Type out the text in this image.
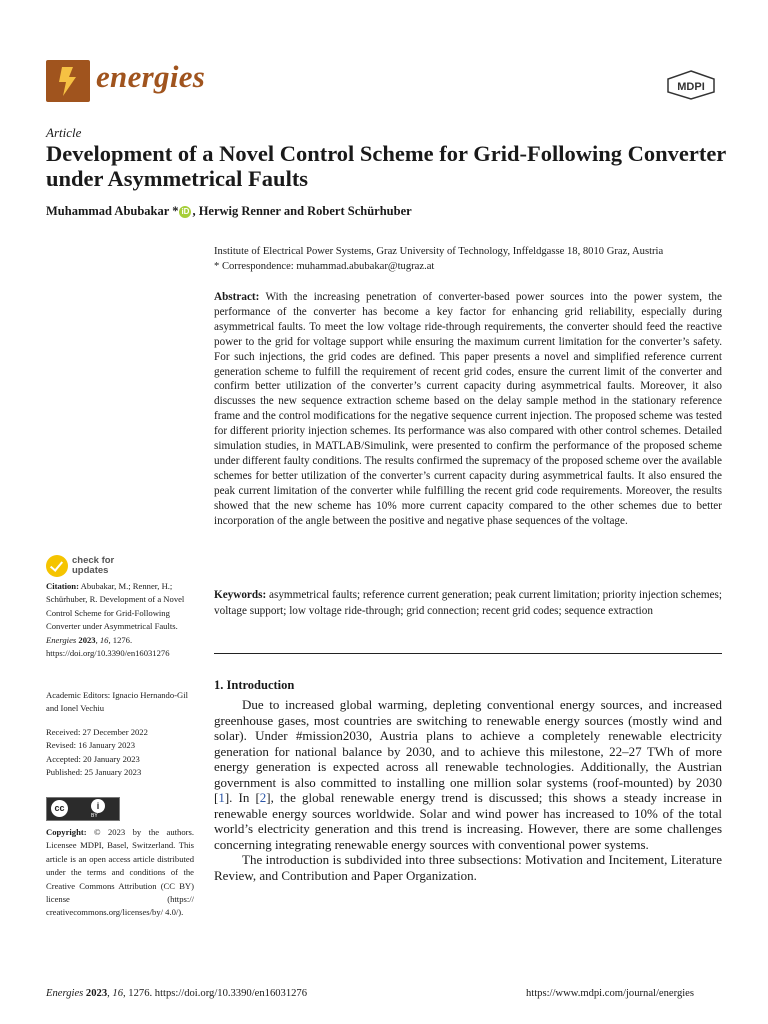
energies	MDPI
Article
Development of a Novel Control Scheme for Grid-Following Converter under Asymmetrical Faults
Muhammad Abubakar * iD , Herwig Renner and Robert Schürhuber
Institute of Electrical Power Systems, Graz University of Technology, Inffeldgasse 18, 8010 Graz, Austria
* Correspondence: muhammad.abubakar@tugraz.at
Abstract: With the increasing penetration of converter-based power sources into the power system, the performance of the converter has become a key factor for enhancing grid reliability, especially during asymmetrical faults. To meet the low voltage ride-through requirements, the converter should feed the reactive power to the grid for voltage support while ensuring the maximum current limitation for the converter’s safety. For such injections, the grid codes are defined. This paper presents a novel and simplified reference current generation scheme to fulfill the requirement of recent grid codes, ensure the current limit of the converter and confirm better utilization of the converter’s current capacity during asymmetrical faults. Moreover, it also discusses the new sequence extraction scheme based on the delay sample method in the stationary reference frame and the control modifications for the negative sequence current injection. The proposed scheme was tested for different priority injection schemes. Its performance was also compared with other control schemes. Detailed simulation studies, in MATLAB/Simulink, were presented to confirm the performance of the proposed scheme under different faulty conditions. The results confirmed the supremacy of the proposed scheme over the available schemes for better utilization of the converter’s current capacity during asymmetrical faults. It also ensured the peak current limitation of the converter while fulfilling the recent grid code requirements. Moreover, the results showed that the new scheme has 10% more current capacity compared to the other schemes due to better incorporation of the angle between the positive and negative phase sequences of the voltage.
Keywords: asymmetrical faults; reference current generation; peak current limitation; priority injection schemes; voltage support; low voltage ride-through; grid connection; recent grid codes; sequence extraction
1. Introduction

Due to increased global warming, depleting conventional energy sources, and increased greenhouse gases, most countries are switching to renewable energy sources (mostly wind and solar). Under #mission2030, Austria plans to achieve a completely renewable electricity generation for national balance by 2030, and to achieve this milestone, 22–27 TWh of more energy generation is expected across all renewable technologies. Additionally, the Austrian government is also committed to installing one million solar systems (roof-mounted) by 2030 [1]. In [2], the global renewable energy trend is discussed; this shows a steady increase in renewable energy sources worldwide. Solar and wind power has increased to 10% of the total world’s electricity generation and this trend is increasing. However, there are some challenges concerning integrating renewable energy sources with conventional power systems.

The introduction is subdivided into three subsections: Motivation and Incitement, Literature Review, and Contribution and Paper Organization.

check for
updates
Citation: Abubakar, M.; Renner, H.; Schürhuber, R. Development of a Novel Control Scheme for Grid-Following Converter under Asymmetrical Faults. Energies 2023, 16, 1276. https://doi.org/10.3390/en16031276
Academic Editors: Ignacio Hernando-Gil and Ionel Vechiu
Received: 27 December 2022
Revised: 16 January 2023
Accepted: 20 January 2023
Published: 25 January 2023
cc	i
BY
Copyright: © 2023 by the authors. Licensee MDPI, Basel, Switzerland. This article is an open access article distributed under the terms and conditions of the Creative Commons Attribution (CC BY) license (https:// creativecommons.org/licenses/by/ 4.0/).
Energies 2023, 16, 1276. https://doi.org/10.3390/en16031276	https://www.mdpi.com/journal/energies
